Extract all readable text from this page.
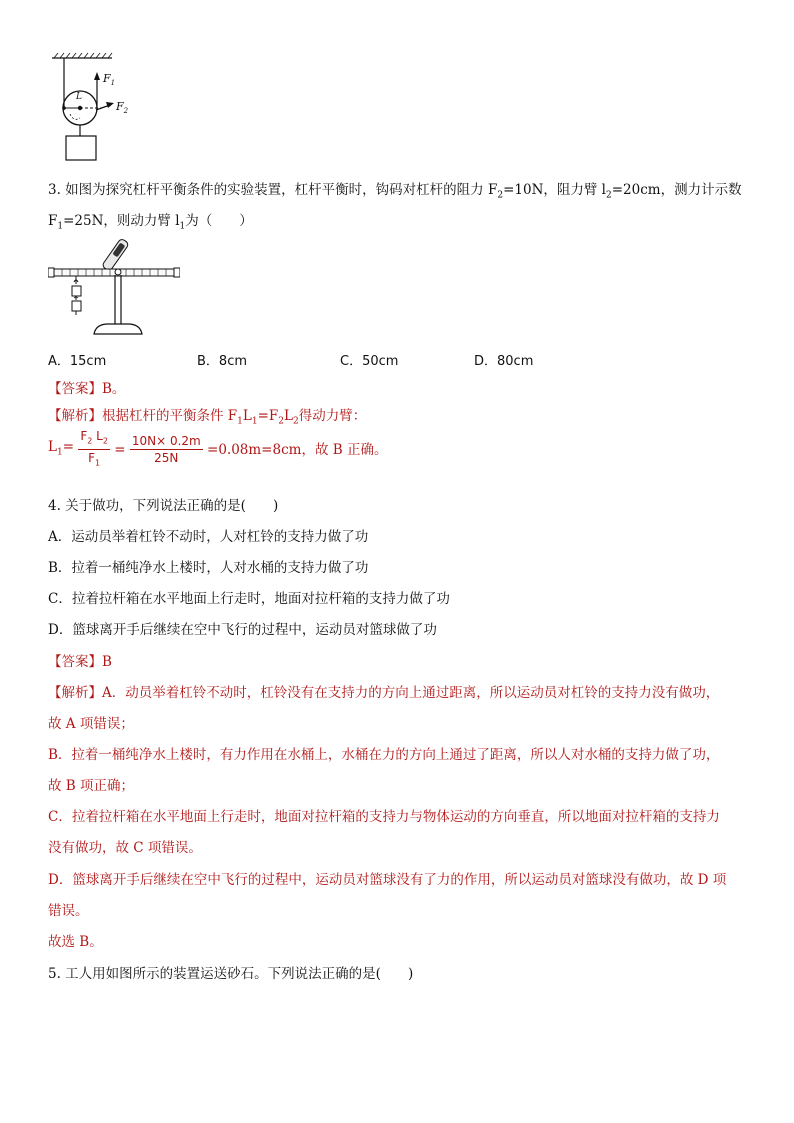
$F_1$
$F_2$
L
3. 如图为探究杠杆平衡条件的实验装置，杠杆平衡时，钩码对杠杆的阻力 $F_2=10N$，阻力臂 $l_2=20cm$，测力计示数
$F_1=25N$，则动力臂 $l_1$为（　　）
A．15cm	B．8cm	C．50cm	D．80cm
【答案】B。
【解析】根据杠杆的平衡条件 $F_1L_1=F_2L_2$得动力臂：
$L_1= \frac{F_2 L_2}{F_1} = \frac{10N\times 0.2m}{25N} =0.08m=8cm$，故 B 正确。
4. 关于做功，下列说法正确的是(　　)
A．运动员举着杠铃不动时，人对杠铃的支持力做了功
B．拉着一桶纯净水上楼时，人对水桶的支持力做了功
C．拉着拉杆箱在水平地面上行走时，地面对拉杆箱的支持力做了功
D．篮球离开手后继续在空中飞行的过程中，运动员对篮球做了功
【答案】B
【解析】A．动员举着杠铃不动时，杠铃没有在支持力的方向上通过距离，所以运动员对杠铃的支持力没有做功，
故 A 项错误；
B．拉着一桶纯净水上楼时，有力作用在水桶上，水桶在力的方向上通过了距离，所以人对水桶的支持力做了功，
故 B 项正确；
C．拉着拉杆箱在水平地面上行走时，地面对拉杆箱的支持力与物体运动的方向垂直，所以地面对拉杆箱的支持力
没有做功，故 C 项错误。
D．篮球离开手后继续在空中飞行的过程中，运动员对篮球没有了力的作用，所以运动员对篮球没有做功，故 D 项
错误。
故选 B。
5. 工人用如图所示的装置运送砂石。下列说法正确的是(　　)
